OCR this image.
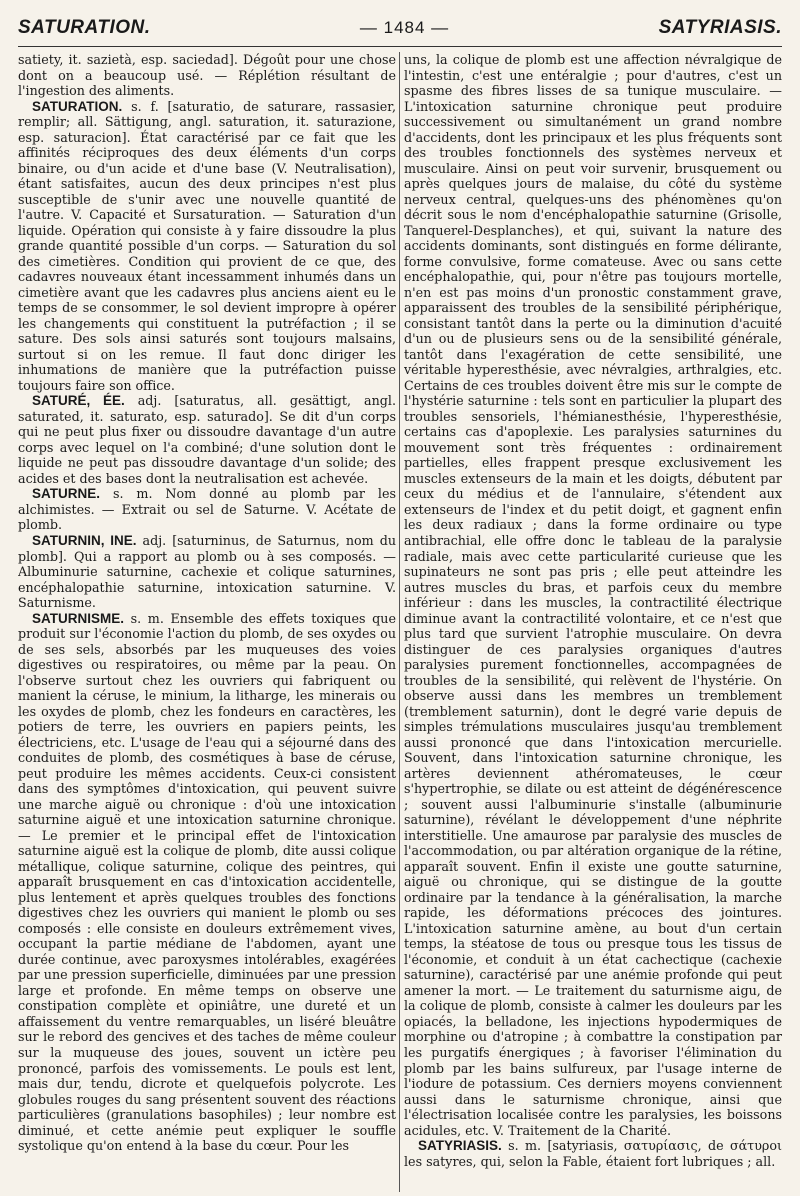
SATURATION.	— 1484 —	SATYRIASIS.

satiety, it. sazietà, esp. saciedad]. Dégoût pour une chose dont on a beaucoup usé. — Réplétion résultant de l'ingestion des aliments.

SATURATION. s. f. [saturatio, de saturare, rassasier, remplir; all. Sättigung, angl. saturation, it. saturazione, esp. saturacion]. État caractérisé par ce fait que les affinités réciproques des deux éléments d'un corps binaire, ou d'un acide et d'une base (V. Neutralisation), étant satisfaites, aucun des deux principes n'est plus susceptible de s'unir avec une nouvelle quantité de l'autre. V. Capacité et Sursaturation. — Saturation d'un liquide. Opération qui consiste à y faire dissoudre la plus grande quantité possible d'un corps. — Saturation du sol des cimetières. Condition qui provient de ce que, des cadavres nouveaux étant incessamment inhumés dans un cimetière avant que les cadavres plus anciens aient eu le temps de se consommer, le sol devient impropre à opérer les changements qui constituent la putréfaction ; il se sature. Des sols ainsi saturés sont toujours malsains, surtout si on les remue. Il faut donc diriger les inhumations de manière que la putréfaction puisse toujours faire son office.

SATURÉ, ÉE. adj. [saturatus, all. gesättigt, angl. saturated, it. saturato, esp. saturado]. Se dit d'un corps qui ne peut plus fixer ou dissoudre davantage d'un autre corps avec lequel on l'a combiné; d'une solution dont le liquide ne peut pas dissoudre davantage d'un solide; des acides et des bases dont la neutralisation est achevée.

SATURNE. s. m. Nom donné au plomb par les alchimistes. — Extrait ou sel de Saturne. V. Acétate de plomb.

SATURNIN, INE. adj. [saturninus, de Saturnus, nom du plomb]. Qui a rapport au plomb ou à ses composés. — Albuminurie saturnine, cachexie et colique saturnines, encéphalopathie saturnine, intoxication saturnine. V. Saturnisme.

SATURNISME. s. m. Ensemble des effets toxiques que produit sur l'économie l'action du plomb, de ses oxydes ou de ses sels, absorbés par les muqueuses des voies digestives ou respiratoires, ou même par la peau. On l'observe surtout chez les ouvriers qui fabriquent ou manient la céruse, le minium, la litharge, les minerais ou les oxydes de plomb, chez les fondeurs en caractères, les potiers de terre, les ouvriers en papiers peints, les électriciens, etc. L'usage de l'eau qui a séjourné dans des conduites de plomb, des cosmétiques à base de céruse, peut produire les mêmes accidents. Ceux-ci consistent dans des symptômes d'intoxication, qui peuvent suivre une marche aiguë ou chronique : d'où une intoxication saturnine aiguë et une intoxication saturnine chronique. — Le premier et le principal effet de l'intoxication saturnine aiguë est la colique de plomb, dite aussi colique métallique, colique saturnine, colique des peintres, qui apparaît brusquement en cas d'intoxication accidentelle, plus lentement et après quelques troubles des fonctions digestives chez les ouvriers qui manient le plomb ou ses composés : elle consiste en douleurs extrêmement vives, occupant la partie médiane de l'abdomen, ayant une durée continue, avec paroxysmes intolérables, exagérées par une pression superficielle, diminuées par une pression large et profonde. En même temps on observe une constipation complète et opiniâtre, une dureté et un affaissement du ventre remarquables, un liséré bleuâtre sur le rebord des gencives et des taches de même couleur sur la muqueuse des joues, souvent un ictère peu prononcé, parfois des vomissements. Le pouls est lent, mais dur, tendu, dicrote et quelquefois polycrote. Les globules rouges du sang présentent souvent des réactions particulières (granulations basophiles) ; leur nombre est diminué, et cette anémie peut expliquer le souffle systolique qu'on entend à la base du cœur. Pour les

uns, la colique de plomb est une affection névralgique de l'intestin, c'est une entéralgie ; pour d'autres, c'est un spasme des fibres lisses de sa tunique musculaire. — L'intoxication saturnine chronique peut produire successivement ou simultanément un grand nombre d'accidents, dont les principaux et les plus fréquents sont des troubles fonctionnels des systèmes nerveux et musculaire. Ainsi on peut voir survenir, brusquement ou après quelques jours de malaise, du côté du système nerveux central, quelques-uns des phénomènes qu'on décrit sous le nom d'encéphalopathie saturnine (Grisolle, Tanquerel-Desplanches), et qui, suivant la nature des accidents dominants, sont distingués en forme délirante, forme convulsive, forme comateuse. Avec ou sans cette encéphalopathie, qui, pour n'être pas toujours mortelle, n'en est pas moins d'un pronostic constamment grave, apparaissent des troubles de la sensibilité périphérique, consistant tantôt dans la perte ou la diminution d'acuité d'un ou de plusieurs sens ou de la sensibilité générale, tantôt dans l'exagération de cette sensibilité, une véritable hyperesthésie, avec névralgies, arthralgies, etc. Certains de ces troubles doivent être mis sur le compte de l'hystérie saturnine : tels sont en particulier la plupart des troubles sensoriels, l'hémianesthésie, l'hyperesthésie, certains cas d'apoplexie. Les paralysies saturnines du mouvement sont très fréquentes : ordinairement partielles, elles frappent presque exclusivement les muscles extenseurs de la main et les doigts, débutent par ceux du médius et de l'annulaire, s'étendent aux extenseurs de l'index et du petit doigt, et gagnent enfin les deux radiaux ; dans la forme ordinaire ou type antibrachial, elle offre donc le tableau de la paralysie radiale, mais avec cette particularité curieuse que les supinateurs ne sont pas pris ; elle peut atteindre les autres muscles du bras, et parfois ceux du membre inférieur : dans les muscles, la contractilité électrique diminue avant la contractilité volontaire, et ce n'est que plus tard que survient l'atrophie musculaire. On devra distinguer de ces paralysies organiques d'autres paralysies purement fonctionnelles, accompagnées de troubles de la sensibilité, qui relèvent de l'hystérie. On observe aussi dans les membres un tremblement (tremblement saturnin), dont le degré varie depuis de simples trémulations musculaires jusqu'au tremblement aussi prononcé que dans l'intoxication mercurielle. Souvent, dans l'intoxication saturnine chronique, les artères deviennent athéromateuses, le cœur s'hypertrophie, se dilate ou est atteint de dégénérescence ; souvent aussi l'albuminurie s'installe (albuminurie saturnine), révélant le développement d'une néphrite interstitielle. Une amaurose par paralysie des muscles de l'accommodation, ou par altération organique de la rétine, apparaît souvent. Enfin il existe une goutte saturnine, aiguë ou chronique, qui se distingue de la goutte ordinaire par la tendance à la généralisation, la marche rapide, les déformations précoces des jointures. L'intoxication saturnine amène, au bout d'un certain temps, la stéatose de tous ou presque tous les tissus de l'économie, et conduit à un état cachectique (cachexie saturnine), caractérisé par une anémie profonde qui peut amener la mort. — Le traitement du saturnisme aigu, de la colique de plomb, consiste à calmer les douleurs par les opiacés, la belladone, les injections hypodermiques de morphine ou d'atropine ; à combattre la constipation par les purgatifs énergiques ; à favoriser l'élimination du plomb par les bains sulfureux, par l'usage interne de l'iodure de potassium. Ces derniers moyens conviennent aussi dans le saturnisme chronique, ainsi que l'électrisation localisée contre les paralysies, les boissons acidules, etc. V. Traitement de la Charité.

SATYRIASIS. s. m. [satyriasis, σατυρίασις, de σάτυροι les satyres, qui, selon la Fable, étaient fort lubriques ; all.
